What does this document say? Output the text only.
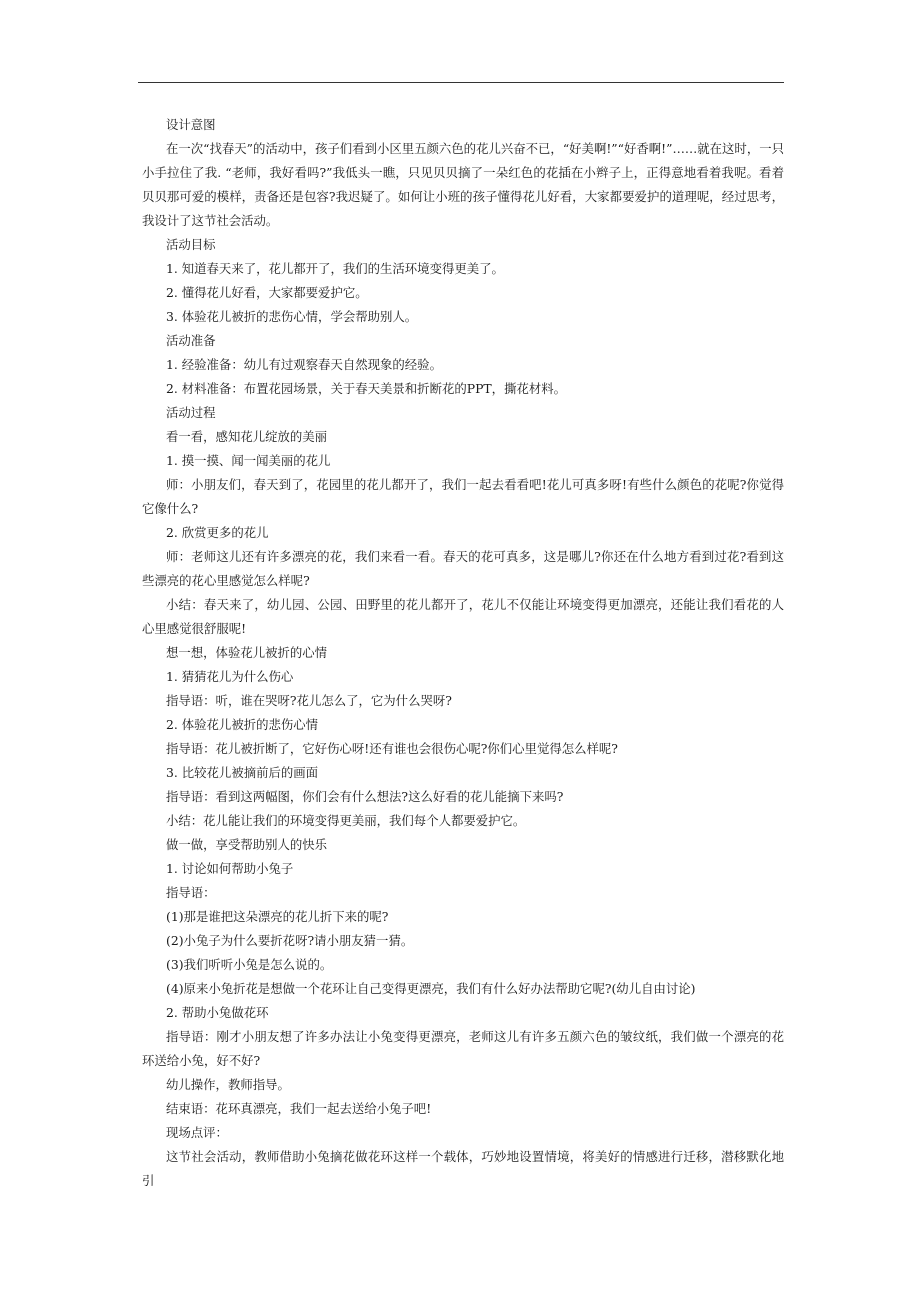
设计意图

在一次“找春天”的活动中，孩子们看到小区里五颜六色的花儿兴奋不已，“好美啊!”“好香啊!”……就在这时，一只小手拉住了我. “老师，我好看吗?”我低头一瞧，只见贝贝摘了一朵红色的花插在小辫子上，正得意地看着我呢。看着贝贝那可爱的模样，责备还是包容?我迟疑了。如何让小班的孩子懂得花儿好看，大家都要爱护的道理呢，经过思考，我设计了这节社会活动。

活动目标

1. 知道春天来了，花儿都开了，我们的生活环境变得更美了。

2. 懂得花儿好看，大家都要爱护它。

3. 体验花儿被折的悲伤心情，学会帮助别人。

活动准备

1. 经验准备：幼儿有过观察春天自然现象的经验。

2. 材料准备：布置花园场景，关于春天美景和折断花的PPT，撕花材料。

活动过程

看一看，感知花儿绽放的美丽

1. 摸一摸、闻一闻美丽的花儿

师：小朋友们，春天到了，花园里的花儿都开了，我们一起去看看吧!花儿可真多呀!有些什么颜色的花呢?你觉得它像什么?

2. 欣赏更多的花儿

师：老师这儿还有许多漂亮的花，我们来看一看。春天的花可真多，这是哪儿?你还在什么地方看到过花?看到这些漂亮的花心里感觉怎么样呢?

小结：春天来了，幼儿园、公园、田野里的花儿都开了，花儿不仅能让环境变得更加漂亮，还能让我们看花的人心里感觉很舒服呢!

想一想，体验花儿被折的心情

1. 猜猜花儿为什么伤心

指导语：听，谁在哭呀?花儿怎么了，它为什么哭呀?

2. 体验花儿被折的悲伤心情

指导语：花儿被折断了，它好伤心呀!还有谁也会很伤心呢?你们心里觉得怎么样呢?

3. 比较花儿被摘前后的画面

指导语：看到这两幅图，你们会有什么想法?这么好看的花儿能摘下来吗?

小结：花儿能让我们的环境变得更美丽，我们每个人都要爱护它。

做一做，享受帮助别人的快乐

1. 讨论如何帮助小兔子

指导语：

(1)那是谁把这朵漂亮的花儿折下来的呢?

(2)小兔子为什么要折花呀?请小朋友猜一猜。

(3)我们听听小兔是怎么说的。

(4)原来小兔折花是想做一个花环让自己变得更漂亮，我们有什么好办法帮助它呢?(幼儿自由讨论)

2. 帮助小兔做花环

指导语：刚才小朋友想了许多办法让小兔变得更漂亮，老师这儿有许多五颜六色的皱纹纸，我们做一个漂亮的花环送给小兔，好不好?

幼儿操作，教师指导。

结束语：花环真漂亮，我们一起去送给小兔子吧!

现场点评：

这节社会活动，教师借助小兔摘花做花环这样一个载体，巧妙地设置情境，将美好的情感进行迁移，潜移默化地引
